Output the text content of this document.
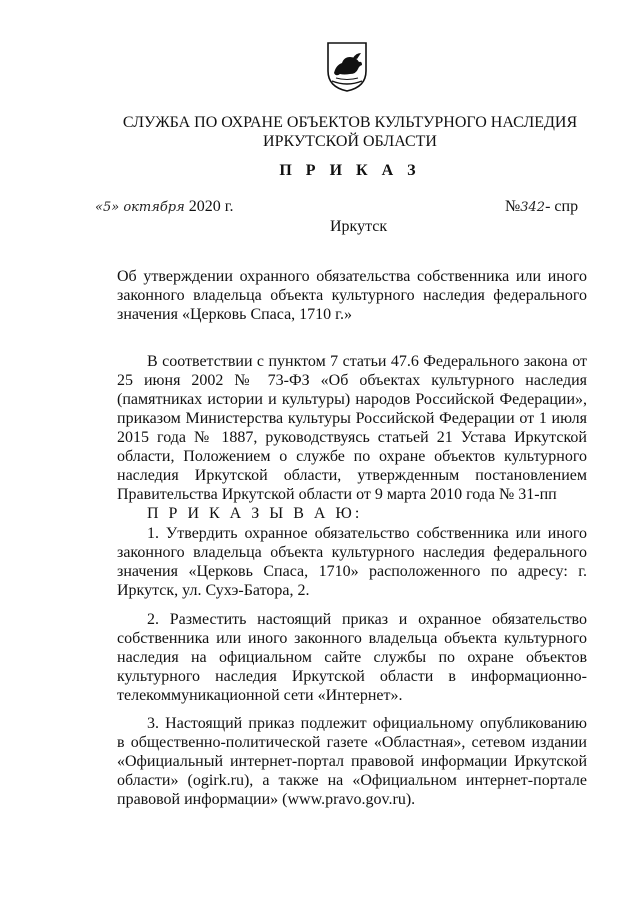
СЛУЖБА ПО ОХРАНЕ ОБЪЕКТОВ КУЛЬТУРНОГО НАСЛЕДИЯ
ИРКУТСКОЙ ОБЛАСТИ
П Р И К А З
«5» октября 2020 г.	№342- спр
Иркутск
Об утверждении охранного обязательства собственника или иного законного владельца объекта культурного наследия федерального значения «Церковь Спаса, 1710 г.»
В соответствии с пунктом 7 статьи 47.6 Федерального закона от 25 июня 2002 № 73-ФЗ «Об объектах культурного наследия (памятниках истории и культуры) народов Российской Федерации», приказом Министерства культуры Российской Федерации от 1 июля 2015 года № 1887, руководствуясь статьей 21 Устава Иркутской области, Положением о службе по охране объектов культурного наследия Иркутской области, утвержденным постановлением Правительства Иркутской области от 9 марта 2010 года № 31-пп
П Р И К А З Ы В А Ю:
1. Утвердить охранное обязательство собственника или иного законного владельца объекта культурного наследия федерального значения «Церковь Спаса, 1710» расположенного по адресу: г. Иркутск, ул. Сухэ-Батора, 2.
2. Разместить настоящий приказ и охранное обязательство собственника или иного законного владельца объекта культурного наследия на официальном сайте службы по охране объектов культурного наследия Иркутской области в информационно-телекоммуникационной сети «Интернет».
3. Настоящий приказ подлежит официальному опубликованию в общественно-политической газете «Областная», сетевом издании «Официальный интернет-портал правовой информации Иркутской области» (ogirk.ru), а также на «Официальном интернет-портале правовой информации» (www.pravo.gov.ru).
